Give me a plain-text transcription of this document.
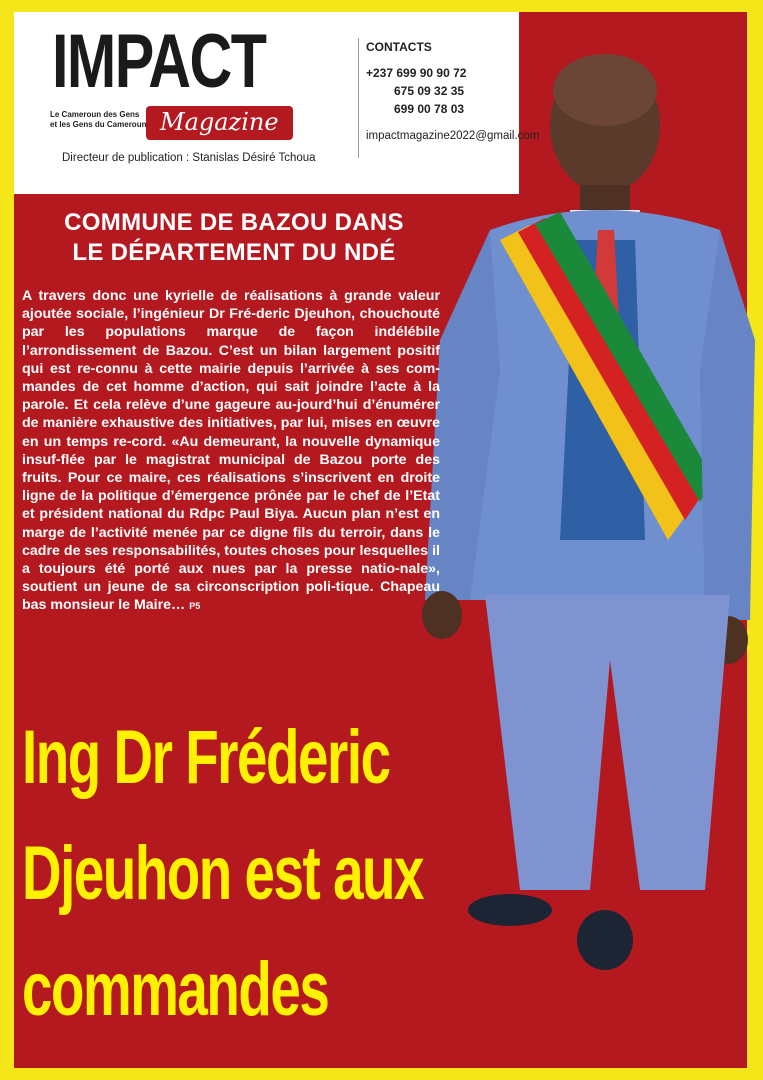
IMPACT
Le Cameroun des Gens
et les Gens du Cameroun Magazine
Directeur de publication : Stanislas Désiré Tchoua
CONTACTS
+237 699 90 90 72
675 09 32 35
699 00 78 03
impactmagazine2022@gmail.com
COMMUNE DE BAZOU DANS
LE DÉPARTEMENT DU NDÉ
A travers donc une kyrielle de réalisations à grande valeur ajoutée sociale, l’ingénieur Dr Fré-deric Djeuhon, chouchouté par les populations marque de façon indélébile l’arrondissement de Bazou. C’est un bilan largement positif qui est re-connu à cette mairie depuis l’arrivée à ses com-mandes de cet homme d’action, qui sait joindre l’acte à la parole. Et cela relève d’une gageure au-jourd’hui d’énumérer de manière exhaustive des initiatives, par lui, mises en œuvre en un temps re-cord. «Au demeurant, la nouvelle dynamique insuf-flée par le magistrat municipal de Bazou porte des fruits. Pour ce maire, ces réalisations s’inscrivent en droite ligne de la politique d’émergence prônée par le chef de l’Etat et président national du Rdpc Paul Biya. Aucun plan n’est en marge de l’activité menée par ce digne fils du terroir, dans le cadre de ses responsabilités, toutes choses pour lesquelles il a toujours été porté aux nues par la presse natio-nale», soutient un jeune de sa circonscription poli-tique. Chapeau bas monsieur le Maire… P5
Ing Dr Fréderic
Djeuhon est aux
commandes
